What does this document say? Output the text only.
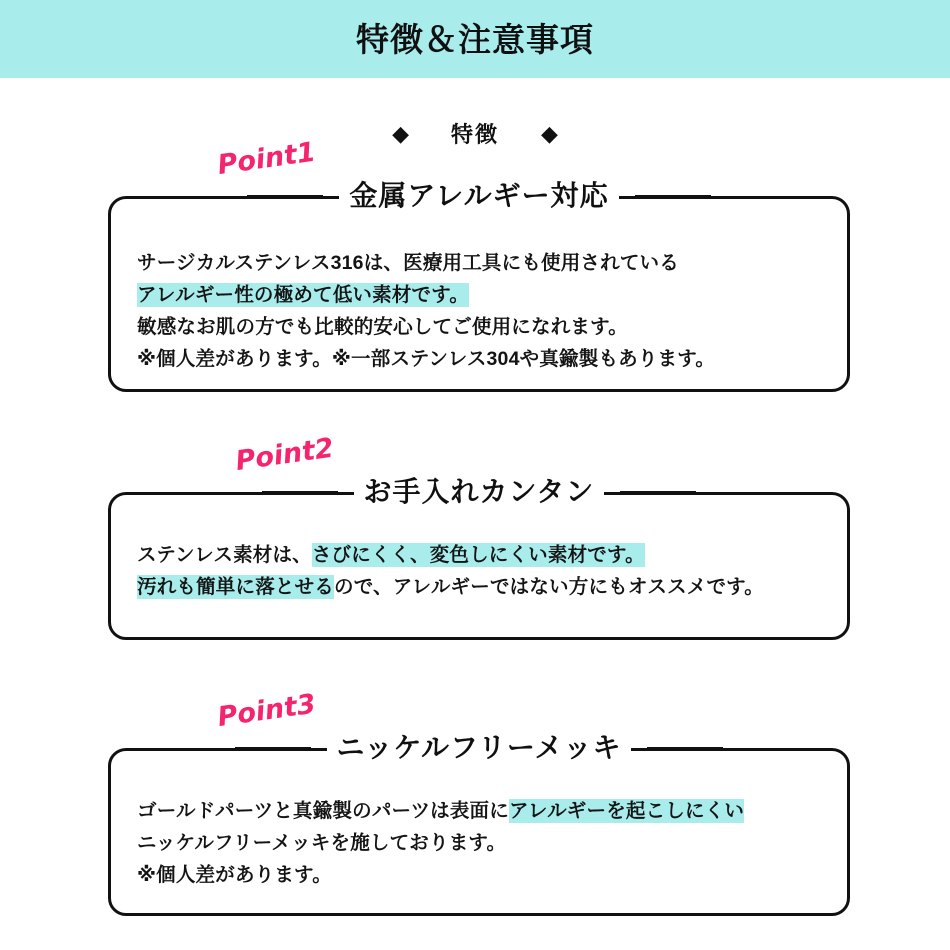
特徴＆注意事項
◆ 特徴 ◆
サージカルステンレス316は、医療用工具にも使用されている
アレルギー性の極めて低い素材です。
敏感なお肌の方でも比較的安心してご使用になれます。
※個人差があります。※一部ステンレス304や真鍮製もあります。
金属アレルギー対応
Point1
ステンレス素材は、さびにくく、変色しにくい素材です。
汚れも簡単に落とせるので、アレルギーではない方にもオススメです。
お手入れカンタン
Point2
ゴールドパーツと真鍮製のパーツは表面にアレルギーを起こしにくい
ニッケルフリーメッキを施しております。
※個人差があります。
ニッケルフリーメッキ
Point3
